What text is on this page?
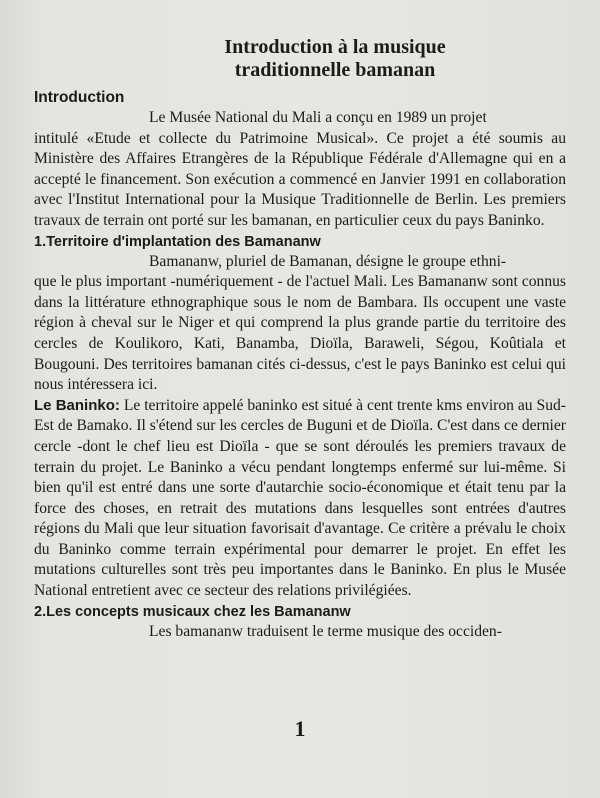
Introduction à la musique
traditionnelle bamanan
Introduction

Le Musée National du Mali a conçu en 1989 un projet
intitulé «Etude et collecte du Patrimoine Musical». Ce projet a été soumis au Ministère des Affaires Etrangères de la République Fédérale d'Allemagne qui en a accepté le financement. Son exécution a commencé en Janvier 1991 en collaboration avec l'Institut International pour la Musique Traditionnelle de Berlin. Les premiers travaux de terrain ont porté sur les bamanan, en particulier ceux du pays Baninko.

1.Territoire d'implantation des Bamananw

Bamananw, pluriel de Bamanan, désigne le groupe ethni-
que le plus important -numériquement - de l'actuel Mali. Les Bamananw sont connus dans la littérature ethnographique sous le nom de Bambara. Ils occupent une vaste région à cheval sur le Niger et qui comprend la plus grande partie du territoire des cercles de Koulikoro, Kati, Banamba, Dioïla, Baraweli, Ségou, Koûtiala et Bougouni. Des territoires bamanan cités ci-dessus, c'est le pays Baninko est celui qui nous intéressera ici.

Le Baninko: Le territoire appelé baninko est situé à cent trente kms environ au Sud-Est de Bamako. Il s'étend sur les cercles de Buguni et de Dioïla. C'est dans ce dernier cercle -dont le chef lieu est Dioïla - que se sont déroulés les premiers travaux de terrain du projet. Le Baninko a vécu pendant longtemps enfermé sur lui-même. Si bien qu'il est entré dans une sorte d'autarchie socio-économique et était tenu par la force des choses, en retrait des mutations dans lesquelles sont entrées d'autres régions du Mali que leur situation favorisait d'avantage. Ce critère a prévalu le choix du Baninko comme terrain expérimental pour demarrer le projet. En effet les mutations culturelles sont très peu importantes dans le Baninko. En plus le Musée National entretient avec ce secteur des relations privilégiées.

2.Les concepts musicaux chez les Bamananw

Les bamananw traduisent le terme musique des occiden-

1
